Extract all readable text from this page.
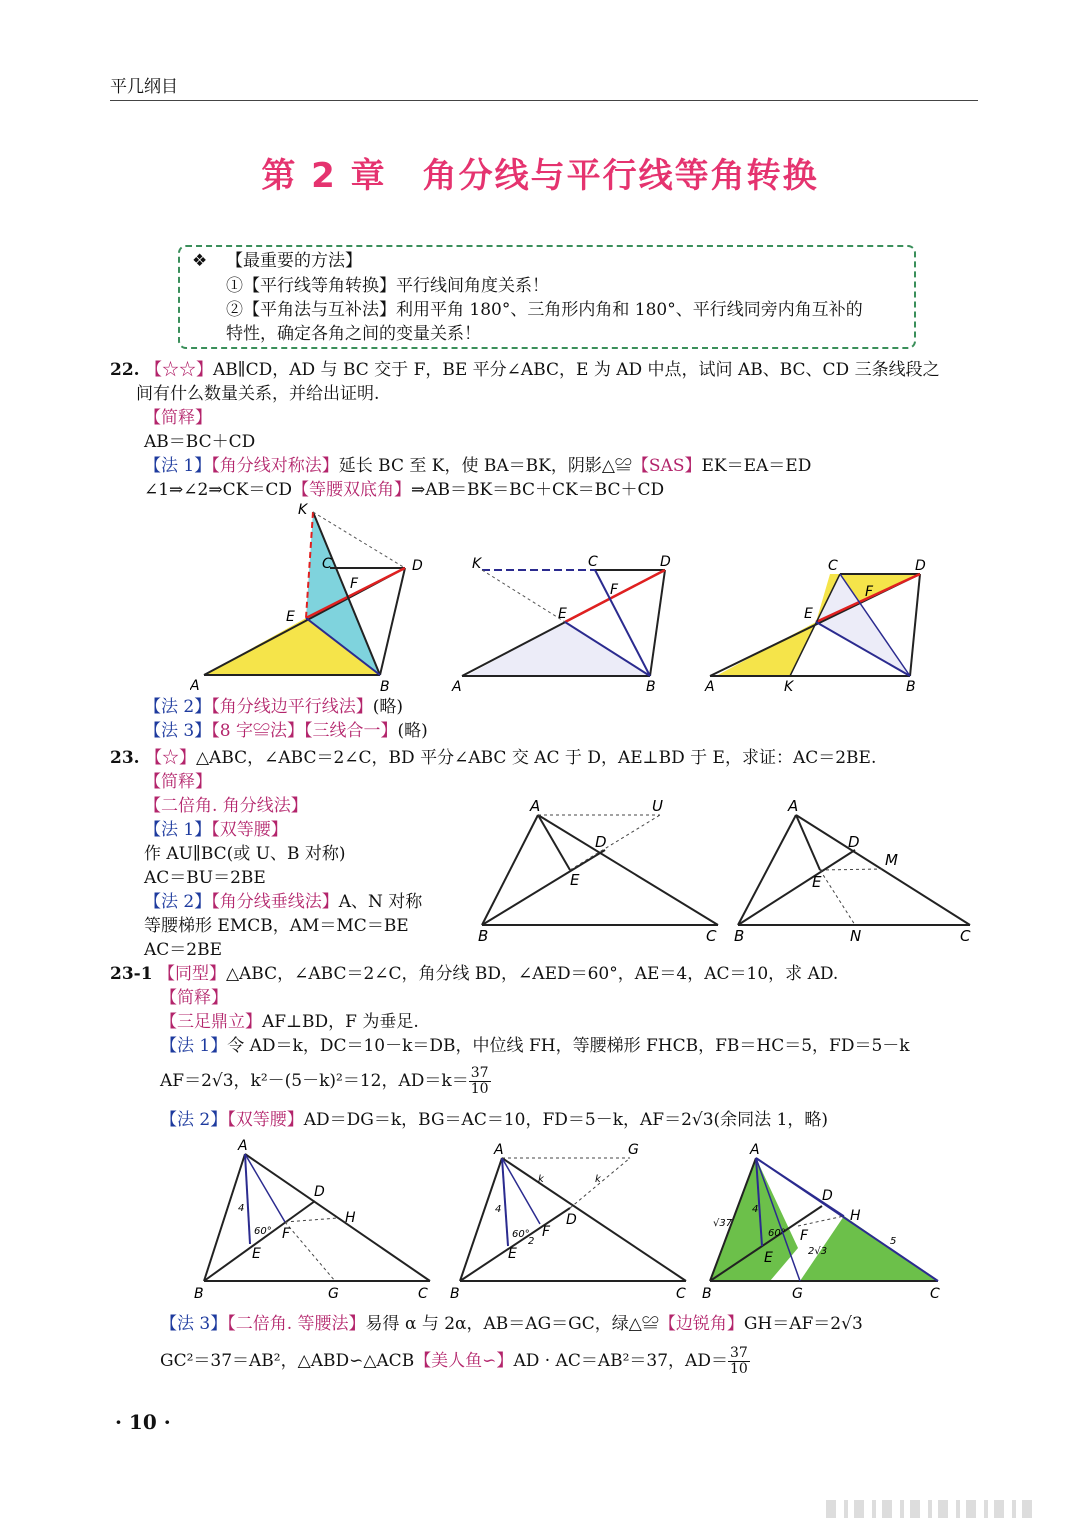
平几纲目
第 2 章　角分线与平行线等角转换
❖ 【最重要的方法】
①【平行线等角转换】平行线间角度关系！
②【平角法与互补法】利用平角 180°、三角形内角和 180°、平行线同旁内角互补的
特性，确定各角之间的变量关系！
22. 【☆☆】AB∥CD，AD 与 BC 交于 F，BE 平分∠ABC，E 为 AD 中点，试问 AB、BC、CD 三条线段之
间有什么数量关系，并给出证明.
【简释】
AB＝BC＋CD
【法 1】【角分线对称法】延长 BC 至 K，使 BA＝BK，阴影△≌【SAS】EK＝EA＝ED
∠1⇒∠2⇒CK＝CD【等腰双底角】⇒AB＝BK＝BC＋CK＝BC＋CD
A	B
C	D
E
F
K
A	B
C	D
E
F
K
A	B
C	D
E
F
K
【法 2】【角分线边平行线法】(略)
【法 3】【8 字≌法】【三线合一】(略)
23. 【☆】△ABC，∠ABC＝2∠C，BD 平分∠ABC 交 AC 于 D，AE⊥BD 于 E，求证：AC＝2BE.
【简释】
【二倍角. 角分线法】
【法 1】【双等腰】
作 AU∥BC(或 U、B 对称)
AC＝BU＝2BE
【法 2】【角分线垂线法】A、N 对称
等腰梯形 EMCB，AM＝MC＝BE
AC＝2BE
A	U
D
E
B	C
A
D
M
E
B	N	C
23-1 【同型】△ABC，∠ABC＝2∠C，角分线 BD，∠AED＝60°，AE＝4，AC＝10，求 AD.
【简释】
【三足鼎立】AF⊥BD，F 为垂足.
【法 1】令 AD＝k，DC＝10－k＝DB，中位线 FH，等腰梯形 FHCB，FB＝HC＝5，FD＝5－k
AF＝2√3，k²－(5－k)²＝12，$AD=k= \frac{37}{10}$
【法 2】【双等腰】AD＝DG＝k，BG＝AC＝10，FD＝5－k，AF＝2√3(余同法 1，略)
A
D
H
F
E
4
60°
B	G	C
A	G
D
F
E
4
60°
k	k
2
B	C
A
D
H
F
E
√37
4
60°
2√3
5
B	G	C
【法 3】【二倍角. 等腰法】易得 α 与 2α，AB＝AG＝GC，绿△≌【边锐角】GH＝AF＝2√3
GC²＝37＝AB²，△ABD∽△ACB【美人鱼∽】AD · AC＝AB²＝37，$AD= \frac{37}{10}$
· 10 ·
